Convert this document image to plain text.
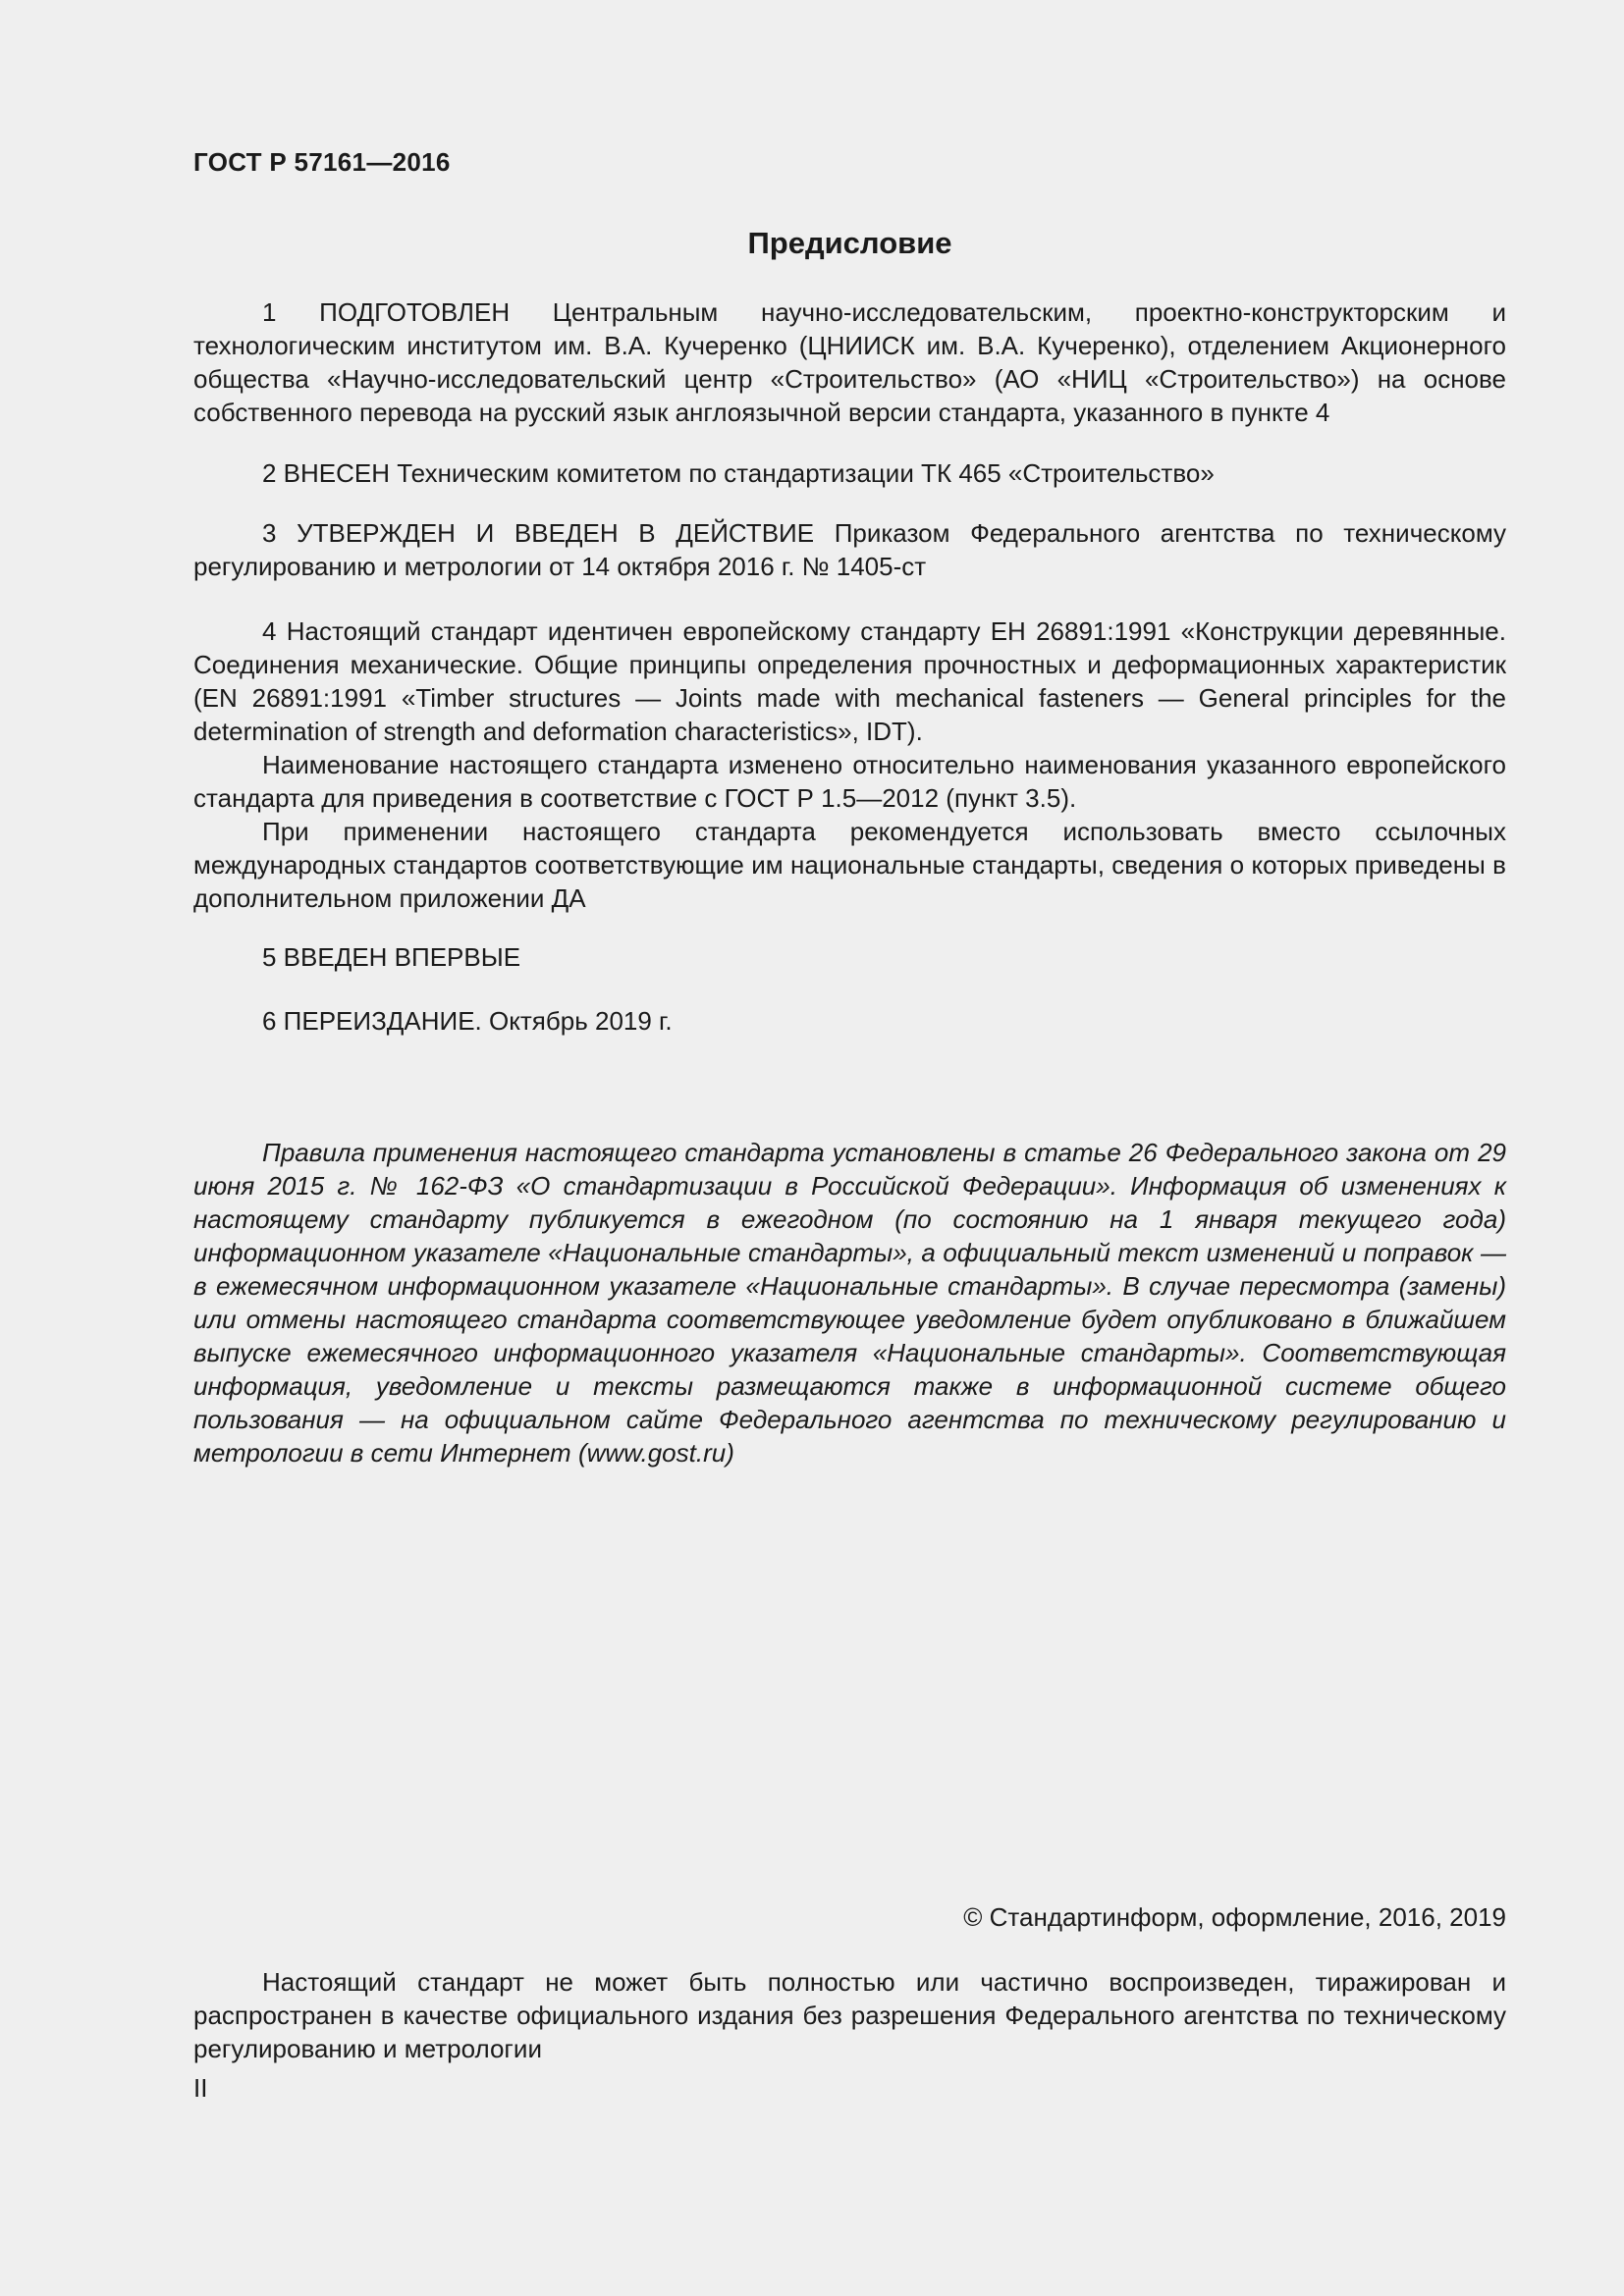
ГОСТ Р 57161—2016
Предисловие

1 ПОДГОТОВЛЕН Центральным научно-исследовательским, проектно-конструкторским и технологическим институтом им. В.А. Кучеренко (ЦНИИСК им. В.А. Кучеренко), отделением Акционерного общества «Научно-исследовательский центр «Строительство» (АО «НИЦ «Строительство») на основе собственного перевода на русский язык англоязычной версии стандарта, указанного в пункте 4

2 ВНЕСЕН Техническим комитетом по стандартизации ТК 465 «Строительство»

3 УТВЕРЖДЕН И ВВЕДЕН В ДЕЙСТВИЕ Приказом Федерального агентства по техническому регулированию и метрологии от 14 октября 2016 г. № 1405-ст

4 Настоящий стандарт идентичен европейскому стандарту ЕН 26891:1991 «Конструкции деревянные. Соединения механические. Общие принципы определения прочностных и деформационных характеристик (EN 26891:1991 «Timber structures — Joints made with mechanical fasteners — General principles for the determination of strength and deformation characteristics», IDT).

Наименование настоящего стандарта изменено относительно наименования указанного европейского стандарта для приведения в соответствие с ГОСТ Р 1.5—2012 (пункт 3.5).

При применении настоящего стандарта рекомендуется использовать вместо ссылочных международных стандартов соответствующие им национальные стандарты, сведения о которых приведены в дополнительном приложении ДА

5 ВВЕДЕН ВПЕРВЫЕ

6 ПЕРЕИЗДАНИЕ. Октябрь 2019 г.

Правила применения настоящего стандарта установлены в статье 26 Федерального закона от 29 июня 2015 г. № 162-ФЗ «О стандартизации в Российской Федерации». Информация об изменениях к настоящему стандарту публикуется в ежегодном (по состоянию на 1 января текущего года) информационном указателе «Национальные стандарты», а официальный текст изменений и поправок — в ежемесячном информационном указателе «Национальные стандарты». В случае пересмотра (замены) или отмены настоящего стандарта соответствующее уведомление будет опубликовано в ближайшем выпуске ежемесячного информационного указателя «Национальные стандарты». Соответствующая информация, уведомление и тексты размещаются также в информационной системе общего пользования — на официальном сайте Федерального агентства по техническому регулированию и метрологии в сети Интернет (www.gost.ru)

© Стандартинформ, оформление, 2016, 2019

Настоящий стандарт не может быть полностью или частично воспроизведен, тиражирован и распространен в качестве официального издания без разрешения Федерального агентства по техническому регулированию и метрологии

II
